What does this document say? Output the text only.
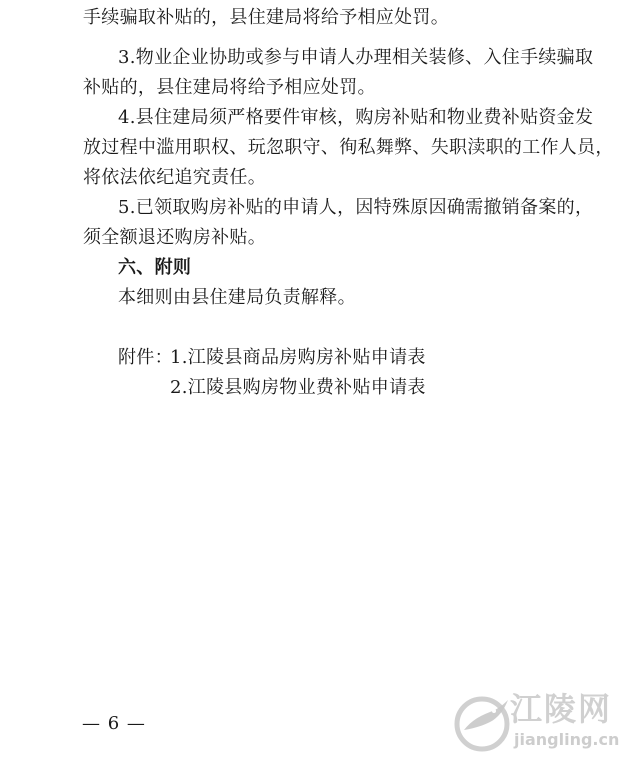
手续骗取补贴的，县住建局将给予相应处罚。
3.物业企业协助或参与申请人办理相关装修、入住手续骗取
补贴的，县住建局将给予相应处罚。
4.县住建局须严格要件审核，购房补贴和物业费补贴资金发
放过程中滥用职权、玩忽职守、徇私舞弊、失职渎职的工作人员，
将依法依纪追究责任。
5.已领取购房补贴的申请人，因特殊原因确需撤销备案的，
须全额退还购房补贴。
六、附则
本细则由县住建局负责解释。
附件：
1.江陵县商品房购房补贴申请表
2.江陵县购房物业费补贴申请表
— 6 —	江陵网
jiangling.cn
